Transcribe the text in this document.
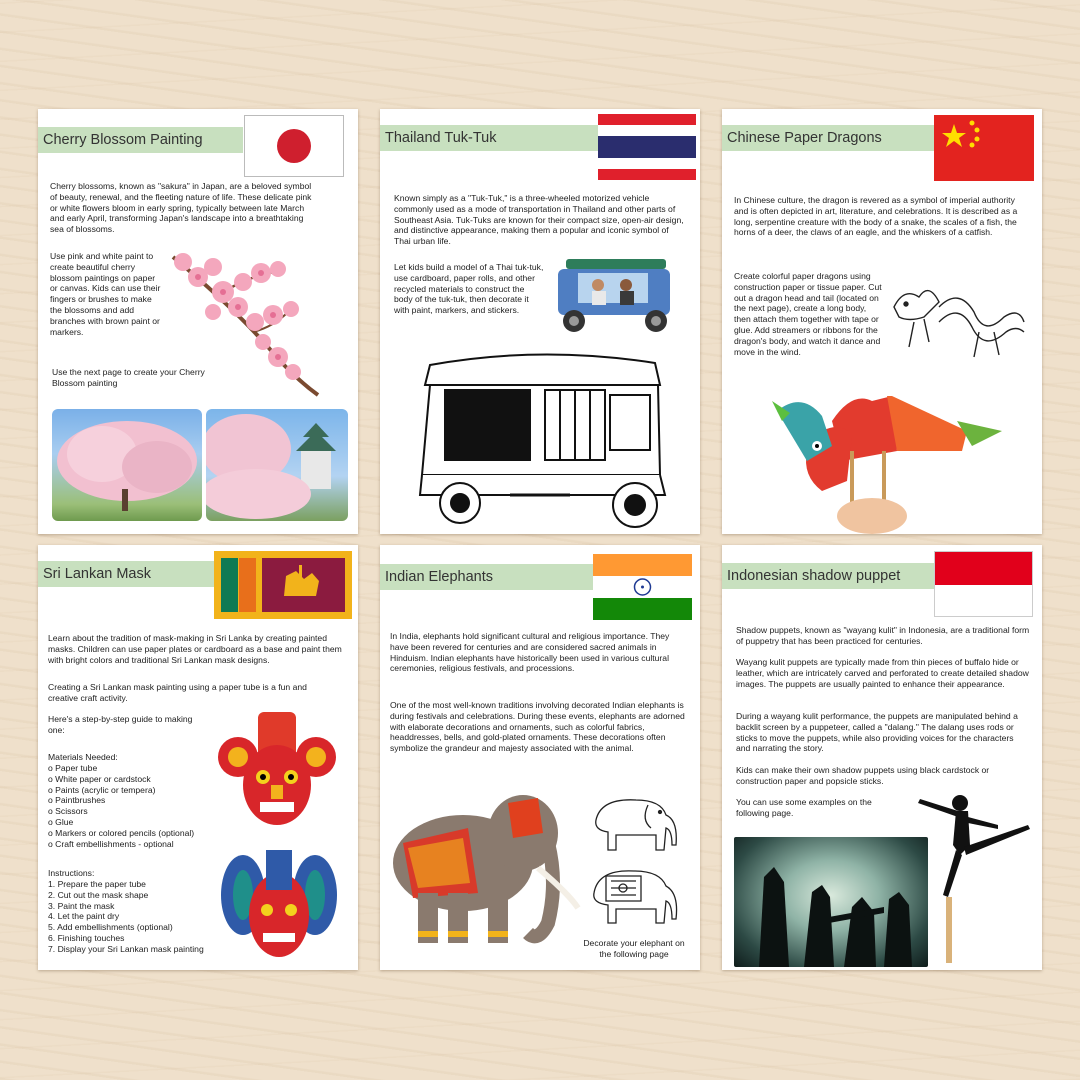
Cherry Blossom Painting

Cherry blossoms, known as "sakura" in Japan, are a beloved symbol of beauty, renewal, and the fleeting nature of life. These delicate pink or white flowers bloom in early spring, typically between late March and early April, transforming Japan's landscape into a breathtaking sea of blossoms.

Use pink and white paint to create beautiful cherry blossom paintings on paper or canvas. Kids can use their fingers or brushes to make the blossoms and add branches with brown paint or markers.

Use the next page to create your Cherry Blossom painting

Thailand Tuk-Tuk

Known simply as a "Tuk-Tuk," is a three-wheeled motorized vehicle commonly used as a mode of transportation in Thailand and other parts of Southeast Asia. Tuk-Tuks are known for their compact size, open-air design, and distinctive appearance, making them a popular and iconic symbol of Thai urban life.

Let kids build a model of a Thai tuk-tuk, use cardboard, paper rolls, and other recycled materials to construct the body of the tuk-tuk, then decorate it with paint, markers, and stickers.

Chinese Paper Dragons

In Chinese culture, the dragon is revered as a symbol of imperial authority and is often depicted in art, literature, and celebrations. It is described as a long, serpentine creature with the body of a snake, the scales of a fish, the horns of a deer, the claws of an eagle, and the whiskers of a catfish.

Create colorful paper dragons using construction paper or tissue paper. Cut out a dragon head and tail (located on the next page), create a long body, then attach them together with tape or glue. Add streamers or ribbons for the dragon's body, and watch it dance and move in the wind.

Sri Lankan Mask

Learn about the tradition of mask-making in Sri Lanka by creating painted masks. Children can use paper plates or cardboard as a base and paint them with bright colors and traditional Sri Lankan mask designs.

Creating a Sri Lankan mask painting using a paper tube is a fun and creative craft activity.

Here's a step-by-step guide to making one:

Materials Needed:

o Paper tube
o White paper or cardstock
o Paints (acrylic or tempera)
o Paintbrushes
o Scissors
o Glue
o Markers or colored pencils (optional)
o Craft embellishments - optional

Instructions:

Prepare the paper tube
Cut out the mask shape
Paint the mask
Let the paint dry
Add embellishments (optional)
Finishing touches
Display your Sri Lankan mask painting
Indian Elephants

In India, elephants hold significant cultural and religious importance. They have been revered for centuries and are considered sacred animals in Hinduism. Indian elephants have historically been used in various cultural ceremonies, religious festivals, and processions.

One of the most well-known traditions involving decorated Indian elephants is during festivals and celebrations. During these events, elephants are adorned with elaborate decorations and ornaments, such as colorful fabrics, headdresses, bells, and gold-plated ornaments. These decorations often symbolize the grandeur and majesty associated with the animal.

Decorate your elephant on the following page

Indonesian shadow puppet

Shadow puppets, known as "wayang kulit" in Indonesia, are a traditional form of puppetry that has been practiced for centuries.

Wayang kulit puppets are typically made from thin pieces of buffalo hide or leather, which are intricately carved and perforated to create detailed shadow images. The puppets are usually painted to enhance their appearance.

During a wayang kulit performance, the puppets are manipulated behind a backlit screen by a puppeteer, called a "dalang." The dalang uses rods or sticks to move the puppets, while also providing voices for the characters and narrating the story.

Kids can make their own shadow puppets using black cardstock or construction paper and popsicle sticks.

You can use some examples on the following page.
